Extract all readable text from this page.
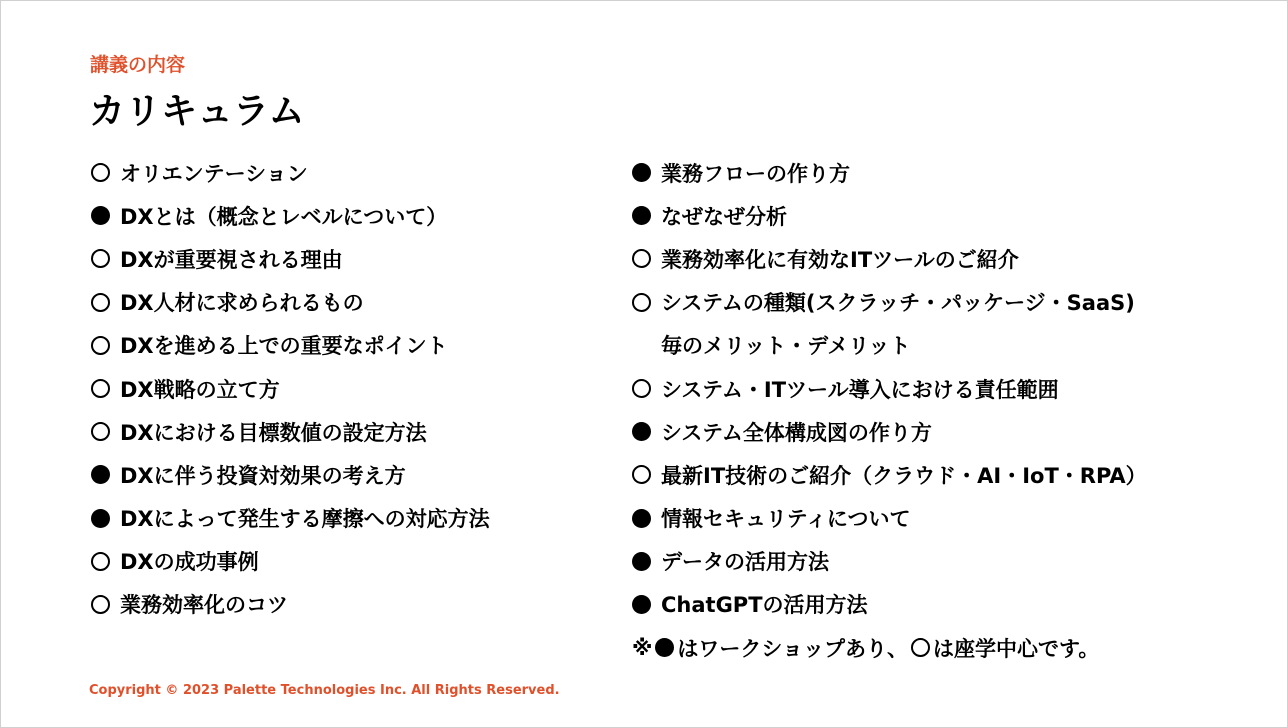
講義の内容
カリキュラム
オリエンテーション
DXとは（概念とレベルについて）
DXが重要視される理由
DX人材に求められるもの
DXを進める上での重要なポイント
DX戦略の立て方
DXにおける目標数値の設定方法
DXに伴う投資対効果の考え方
DXによって発生する摩擦への対応方法
DXの成功事例
業務効率化のコツ
業務フローの作り方
なぜなぜ分析
業務効率化に有効なITツールのご紹介
システムの種類(スクラッチ・パッケージ・SaaS)
毎のメリット・デメリット
システム・ITツール導入における責任範囲
システム全体構成図の作り方
最新IT技術のご紹介（クラウド・AI・IoT・RPA）
情報セキュリティについて
データの活用方法
ChatGPTの活用方法
※ はワークショップあり、 は座学中心です。
Copyright © 2023 Palette Technologies Inc. All Rights Reserved.
